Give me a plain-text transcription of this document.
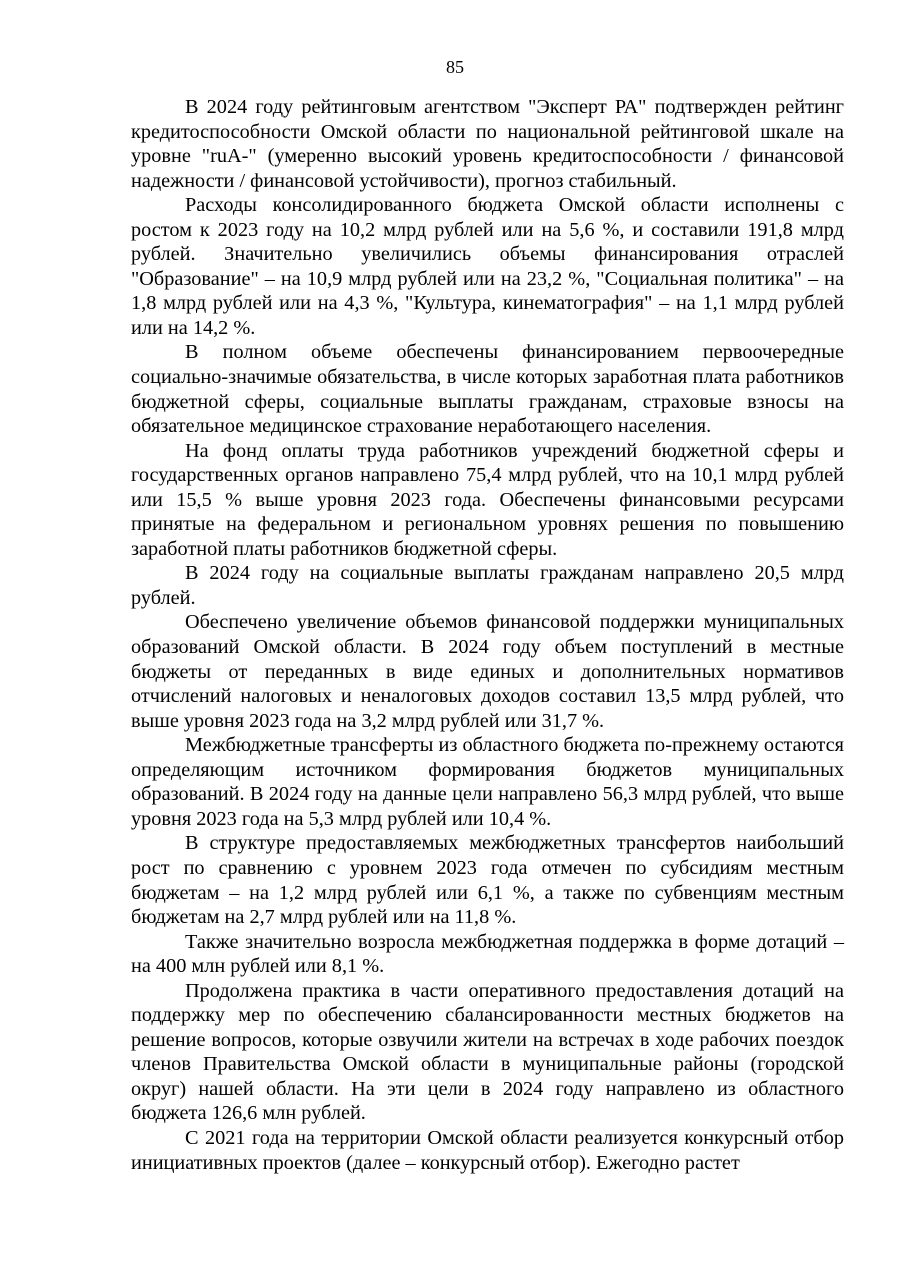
85

В 2024 году рейтинговым агентством "Эксперт РА" подтвержден рейтинг кредитоспособности Омской области по национальной рейтинговой шкале на уровне "ruA-" (умеренно высокий уровень кредитоспособности / финансовой надежности / финансовой устойчивости), прогноз стабильный.

Расходы консолидированного бюджета Омской области исполнены с ростом к 2023 году на 10,2 млрд рублей или на 5,6 %, и составили 191,8 млрд рублей. Значительно увеличились объемы финансирования отраслей "Образование" – на 10,9 млрд рублей или на 23,2 %, "Социальная политика" – на 1,8 млрд рублей или на 4,3 %, "Культура, кинематография" – на 1,1 млрд рублей или на 14,2 %.

В полном объеме обеспечены финансированием первоочередные социально-значимые обязательства, в числе которых заработная плата работников бюджетной сферы, социальные выплаты гражданам, страховые взносы на обязательное медицинское страхование неработающего населения.

На фонд оплаты труда работников учреждений бюджетной сферы и государственных органов направлено 75,4 млрд рублей, что на 10,1 млрд рублей или 15,5 % выше уровня 2023 года. Обеспечены финансовыми ресурсами принятые на федеральном и региональном уровнях решения по повышению заработной платы работников бюджетной сферы.

В 2024 году на социальные выплаты гражданам направлено 20,5 млрд рублей.

Обеспечено увеличение объемов финансовой поддержки муниципальных образований Омской области. В 2024 году объем поступлений в местные бюджеты от переданных в виде единых и дополнительных нормативов отчислений налоговых и неналоговых доходов составил 13,5 млрд рублей, что выше уровня 2023 года на 3,2 млрд рублей или 31,7 %.

Межбюджетные трансферты из областного бюджета по-прежнему остаются определяющим источником формирования бюджетов муниципальных образований. В 2024 году на данные цели направлено 56,3 млрд рублей, что выше уровня 2023 года на 5,3 млрд рублей или 10,4 %.

В структуре предоставляемых межбюджетных трансфертов наибольший рост по сравнению с уровнем 2023 года отмечен по субсидиям местным бюджетам – на 1,2 млрд рублей или 6,1 %, а также по субвенциям местным бюджетам на 2,7 млрд рублей или на 11,8 %.

Также значительно возросла межбюджетная поддержка в форме дотаций – на 400 млн рублей или 8,1 %.

Продолжена практика в части оперативного предоставления дотаций на поддержку мер по обеспечению сбалансированности местных бюджетов на решение вопросов, которые озвучили жители на встречах в ходе рабочих поездок членов Правительства Омской области в муниципальные районы (городской округ) нашей области. На эти цели в 2024 году направлено из областного бюджета 126,6 млн рублей.

С 2021 года на территории Омской области реализуется конкурсный отбор инициативных проектов (далее – конкурсный отбор). Ежегодно растет
